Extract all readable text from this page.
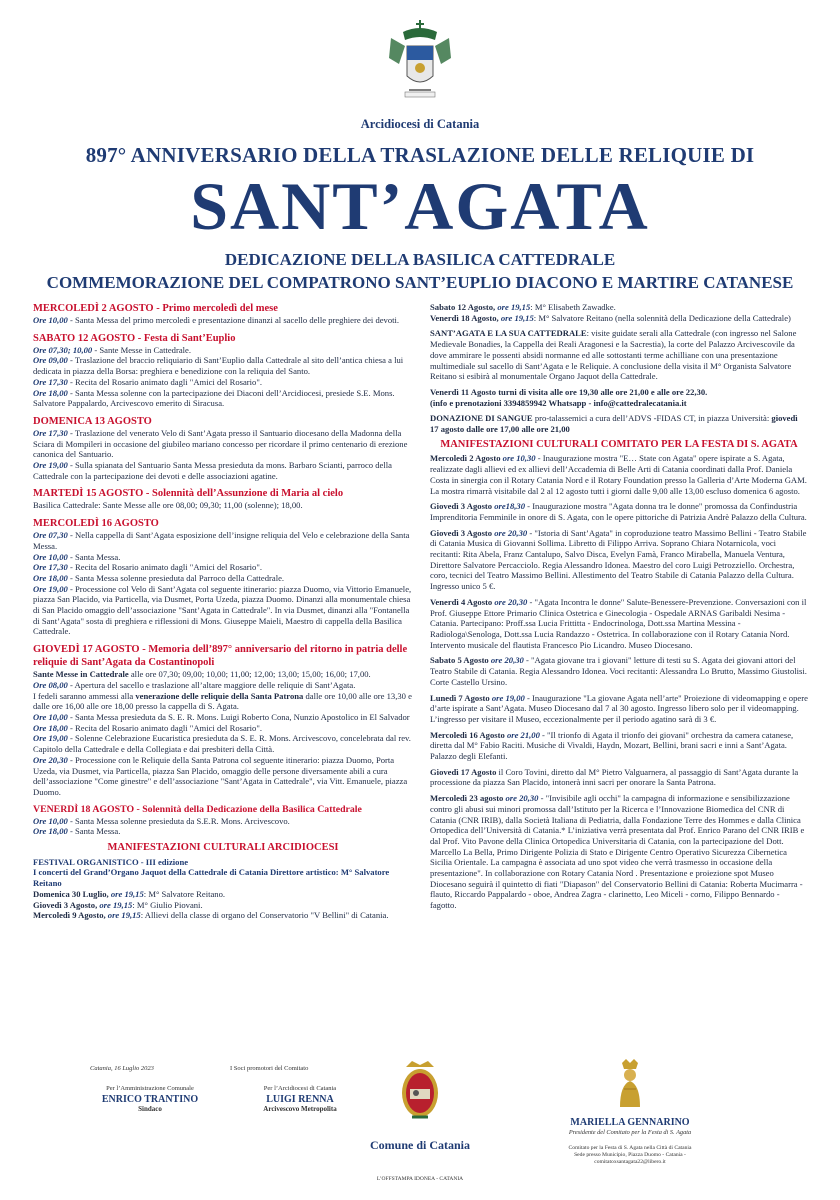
Arcidiocesi di Catania
897° ANNIVERSARIO DELLA TRASLAZIONE DELLE RELIQUIE DI
SANT’AGATA
DEDICAZIONE DELLA BASILICA CATTEDRALE
COMMEMORAZIONE DEL COMPATRONO SANT’EUPLIO DIACONO E MARTIRE CATANESE
MERCOLEDÌ 2 AGOSTO - Primo mercoledì del mese
Ore 10,00 - Santa Messa del primo mercoledì e presentazione dinanzi al sacello delle preghiere dei devoti.
SABATO 12 AGOSTO - Festa di Sant’Euplio
Ore 07,30; 10,00 - Sante Messe in Cattedrale.
Ore 09,00 - Traslazione del braccio reliquiario di Sant’Euplio dalla Cattedrale al sito dell’antica chiesa a lui dedicata in piazza della Borsa: preghiera e benedizione con la reliquia del Santo.
Ore 17,30 - Recita del Rosario animato dagli "Amici del Rosario".
Ore 18,00 - Santa Messa solenne con la partecipazione dei Diaconi dell’Arcidiocesi, presiede S.E. Mons. Salvatore Pappalardo, Arcivescovo emerito di Siracusa.
DOMENICA 13 AGOSTO
Ore 17,30 - Traslazione del venerato Velo di Sant’Agata presso il Santuario diocesano della Madonna della Sciara di Mompileri in occasione del giubileo mariano concesso per ricordare il primo centenario di erezione canonica del Santuario.
Ore 19,00 - Sulla spianata del Santuario Santa Messa presieduta da mons. Barbaro Scianti, parroco della Cattedrale con la partecipazione dei devoti e delle associazioni agatine.
MARTEDÌ 15 AGOSTO - Solennità dell’Assunzione di Maria al cielo
Basilica Cattedrale: Sante Messe alle ore 08,00; 09,30; 11,00 (solenne); 18,00.
MERCOLEDÌ 16 AGOSTO
Ore 07,30 - Nella cappella di Sant’Agata esposizione dell’insigne reliquia del Velo e celebrazione della Santa Messa.
Ore 10,00 - Santa Messa.
Ore 17,30 - Recita del Rosario animato dagli "Amici del Rosario".
Ore 18,00 - Santa Messa solenne presieduta dal Parroco della Cattedrale.
Ore 19,00 - Processione col Velo di Sant’Agata col seguente itinerario: piazza Duomo, via Vittorio Emanuele, piazza San Placido, via Particella, via Dusmet, Porta Uzeda, piazza Duomo. Dinanzi alla monumentale chiesa di San Placido omaggio dell’associazione "Sant’Agata in Cattedrale". In via Dusmet, dinanzi alla "Fontanella di Sant’Agata" sosta di preghiera e riflessioni di Mons. Giuseppe Maieli, Maestro di cappella della Basilica Cattedrale.
GIOVEDÌ 17 AGOSTO - Memoria dell’897° anniversario del ritorno in patria delle reliquie di Sant’Agata da Costantinopoli
Sante Messe in Cattedrale alle ore 07,30; 09,00; 10,00; 11,00; 12,00; 13,00; 15,00; 16,00; 17,00.
Ore 08,00 - Apertura del sacello e traslazione all’altare maggiore delle reliquie di Sant’Agata.
I fedeli saranno ammessi alla venerazione delle reliquie della Santa Patrona dalle ore 10,00 alle ore 13,30 e dalle ore 16,00 alle ore 18,00 presso la cappella di S. Agata.
Ore 10,00 - Santa Messa presieduta da S. E. R. Mons. Luigi Roberto Cona, Nunzio Apostolico in El Salvador
Ore 18,00 - Recita del Rosario animato dagli "Amici del Rosario".
Ore 19,00 - Solenne Celebrazione Eucaristica presieduta da S. E. R. Mons. Arcivescovo, concelebrata dal rev. Capitolo della Cattedrale e della Collegiata e dai presbiteri della Città.
Ore 20,30 - Processione con le Reliquie della Santa Patrona col seguente itinerario: piazza Duomo, Porta Uzeda, via Dusmet, via Particella, piazza San Placido, omaggio delle persone diversamente abili a cura dell’associazione "Come ginestre" e dell’associazione "Sant’Agata in Cattedrale", via Vitt. Emanuele, piazza Duomo.
VENERDÌ 18 AGOSTO - Solennità della Dedicazione della Basilica Cattedrale
Ore 10,00 - Santa Messa solenne presieduta da S.E.R. Mons. Arcivescovo.
Ore 18,00 - Santa Messa.
MANIFESTAZIONI CULTURALI ARCIDIOCESI
FESTIVAL ORGANISTICO - III edizione
I concerti del Grand’Organo Jaquot della Cattedrale di Catania Direttore artistico: M° Salvatore Reitano
Domenica 30 Luglio, ore 19,15: M° Salvatore Reitano.
Giovedì 3 Agosto, ore 19,15: M° Giulio Piovani.
Mercoledì 9 Agosto, ore 19,15: Allievi della classe di organo del Conservatorio "V Bellini" di Catania.
Sabato 12 Agosto, ore 19,15: M° Elisabeth Zawadke.
Venerdì 18 Agosto, ore 19,15: M° Salvatore Reitano (nella solennità della Dedicazione della Cattedrale)
SANT’AGATA E LA SUA CATTEDRALE: visite guidate serali alla Cattedrale (con ingresso nel Salone Medievale Bonadies, la Cappella dei Reali Aragonesi e la Sacrestia), la corte del Palazzo Arcivescovile da dove ammirare le possenti absidi normanne ed alle sottostanti terme achilliane con una presentazione multimediale sul sacello di Sant’Agata e le Reliquie. A conclusione della visita il M° Organista Salvatore Reitano si esibirà al monumentale Organo Jaquot della Cattedrale.
Venerdì 11 Agosto turni di visita alle ore 19,30 alle ore 21,00 e alle ore 22,30.
(info e prenotazioni 3394859942 Whatsapp - info@cattedralecatania.it
DONAZIONE DI SANGUE pro-talassemici a cura dell’ADVS -FIDAS CT, in piazza Università: giovedì 17 agosto dalle ore 17,00 alle ore 21,00
MANIFESTAZIONI CULTURALI COMITATO PER LA FESTA DI S. AGATA
Mercoledì 2 Agosto ore 10,30 - Inaugurazione mostra "E… State con Agata" opere ispirate a S. Agata, realizzate dagli allievi ed ex allievi dell’Accademia di Belle Arti di Catania coordinati dalla Prof. Daniela Costa in sinergia con il Rotary Catania Nord e il Rotary Foundation presso la Galleria d’Arte Moderna GAM. La mostra rimarrà visitabile dal 2 al 12 agosto tutti i giorni dalle 9,00 alle 13,00 escluso domenica 6 agosto.
Giovedì 3 Agosto ore18,30 - Inaugurazione mostra "Agata donna tra le donne" promossa da Confindustria Imprenditoria Femminile in onore di S. Agata, con le opere pittoriche di Patrizia Andrè Palazzo della Cultura.
Giovedì 3 Agosto ore 20,30 - "Istoria di Sant’Agata" in coproduzione teatro Massimo Bellini - Teatro Stabile di Catania Musica di Giovanni Sollima. Libretto di Filippo Arriva. Soprano Chiara Notarnicola, voci recitanti: Rita Abela, Franz Cantalupo, Salvo Disca, Evelyn Famà, Franco Mirabella, Manuela Ventura, Direttore Salvatore Percacciolo. Regia Alessandro Idonea. Maestro del coro Luigi Petrozziello. Orchestra, coro, tecnici del Teatro Massimo Bellini. Allestimento del Teatro Stabile di Catania Palazzo della Cultura. Ingresso unico 5 €.
Venerdì 4 Agosto ore 20,30 - "Agata Incontra le donne" Salute-Benessere-Prevenzione. Conversazioni con il Prof. Giuseppe Ettore Primario Clinica Ostetrica e Ginecologia - Ospedale ARNAS Garibaldi Nesima - Catania. Partecipano: Proff.ssa Lucia Frittitta - Endocrinologa, Dott.ssa Martina Messina - Radiologa\Senologa, Dott.ssa Lucia Randazzo - Ostetrica. In collaborazione con il Rotary Catania Nord. Intervento musicale del flautista Francesco Pio Licandro. Museo Diocesano.
Sabato 5 Agosto ore 20,30 - "Agata giovane tra i giovani" letture di testi su S. Agata dei giovani attori del Teatro Stabile di Catania. Regia Alessandro Idonea. Voci recitanti: Alessandra Lo Brutto, Massimo Giustolisi. Corte Castello Ursino.
Lunedì 7 Agosto ore 19,00 - Inaugurazione "La giovane Agata nell’arte" Proiezione di videomapping e opere d’arte ispirate a Sant’Agata. Museo Diocesano dal 7 al 30 agosto. Ingresso libero solo per il videomapping. L’ingresso per visitare il Museo, eccezionalmente per il periodo agatino sarà di 3 €.
Mercoledì 16 Agosto ore 21,00 - "Il trionfo di Agata il trionfo dei giovani" orchestra da camera catanese, diretta dal M° Fabio Raciti. Musiche di Vivaldi, Haydn, Mozart, Bellini, brani sacri e inni a Sant’Agata. Palazzo degli Elefanti.
Giovedì 17 Agosto il Coro Tovini, diretto dal M° Pietro Valguarnera, al passaggio di Sant’Agata durante la processione da piazza San Placido, intonerà inni sacri per onorare la Santa Patrona.
Mercoledì 23 agosto ore 20,30 - "Invisibile agli occhi" la campagna di informazione e sensibilizzazione contro gli abusi sui minori promossa dall’Istituto per la Ricerca e l’Innovazione Biomedica del CNR di Catania (CNR IRIB), dalla Società Italiana di Pediatria, dalla Fondazione Terre des Hommes e dalla Clinica Ortopedica dell’Università di Catania.* L’iniziativa verrà presentata dal Prof. Enrico Parano del CNR IRIB e dal Prof. Vito Pavone della Clinica Ortopedica Universitaria di Catania, con la partecipazione del Dott. Marcello La Bella, Primo Dirigente Polizia di Stato e Dirigente Centro Operativo Sicurezza Cibernetica Sicilia Orientale. La campagna è associata ad uno spot video che verrà trasmesso in occasione della presentazione". In collaborazione con Rotary Catania Nord . Presentazione e proiezione spot Museo Diocesano seguirà il quintetto di fiati "Diapason" del Conservatorio Bellini di Catania: Roberta Mucimarra - flauto, Riccardo Pappalardo - oboe, Andrea Zagra - clarinetto, Leo Miceli - corno, Filippo Bennardo - fagotto.
Catania, 16 Luglio 2023	I Soci promotori del Comitato
Per l’Amministrazione Comunale
ENRICO TRANTINO
Sindaco
Per l’Arcidiocesi di Catania
LUIGI RENNA
Arcivescovo Metropolita
Comune di Catania
MARIELLA GENNARINO
Presidente del Comitato per la Festa di S. Agata
Comitato per la Festa di S. Agata nella Città di Catania
Sede presso Municipio, Piazza Duomo - Catania - comitatoxsantagata22@libero.it
L’OFFSTAMPA IDONEA - CATANIA
